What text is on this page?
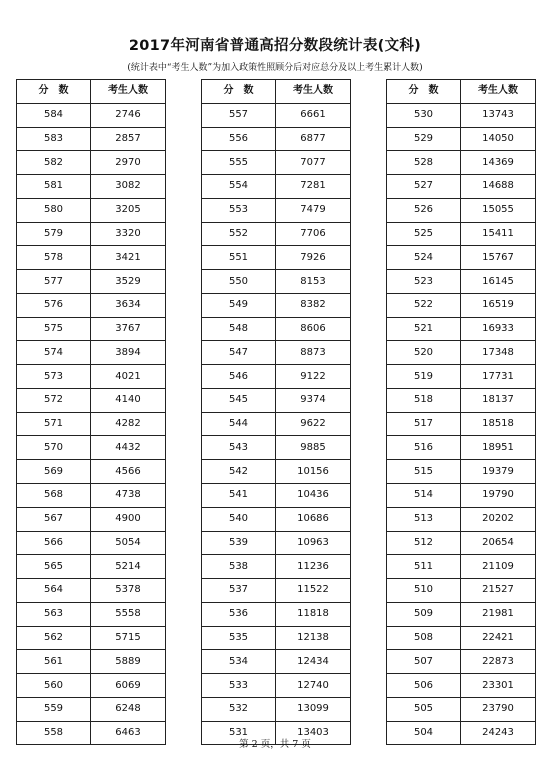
2017年河南省普通高招分数段统计表(文科)
(统计表中“考生人数”为加入政策性照顾分后对应总分及以上考生累计人数)
分　数	考生人数
584	2746
583	2857
582	2970
581	3082
580	3205
579	3320
578	3421
577	3529
576	3634
575	3767
574	3894
573	4021
572	4140
571	4282
570	4432
569	4566
568	4738
567	4900
566	5054
565	5214
564	5378
563	5558
562	5715
561	5889
560	6069
559	6248
558	6463
分　数	考生人数
557	6661
556	6877
555	7077
554	7281
553	7479
552	7706
551	7926
550	8153
549	8382
548	8606
547	8873
546	9122
545	9374
544	9622
543	9885
542	10156
541	10436
540	10686
539	10963
538	11236
537	11522
536	11818
535	12138
534	12434
533	12740
532	13099
531	13403
分　数	考生人数
530	13743
529	14050
528	14369
527	14688
526	15055
525	15411
524	15767
523	16145
522	16519
521	16933
520	17348
519	17731
518	18137
517	18518
516	18951
515	19379
514	19790
513	20202
512	20654
511	21109
510	21527
509	21981
508	22421
507	22873
506	23301
505	23790
504	24243
第 2 页，共 7 页
